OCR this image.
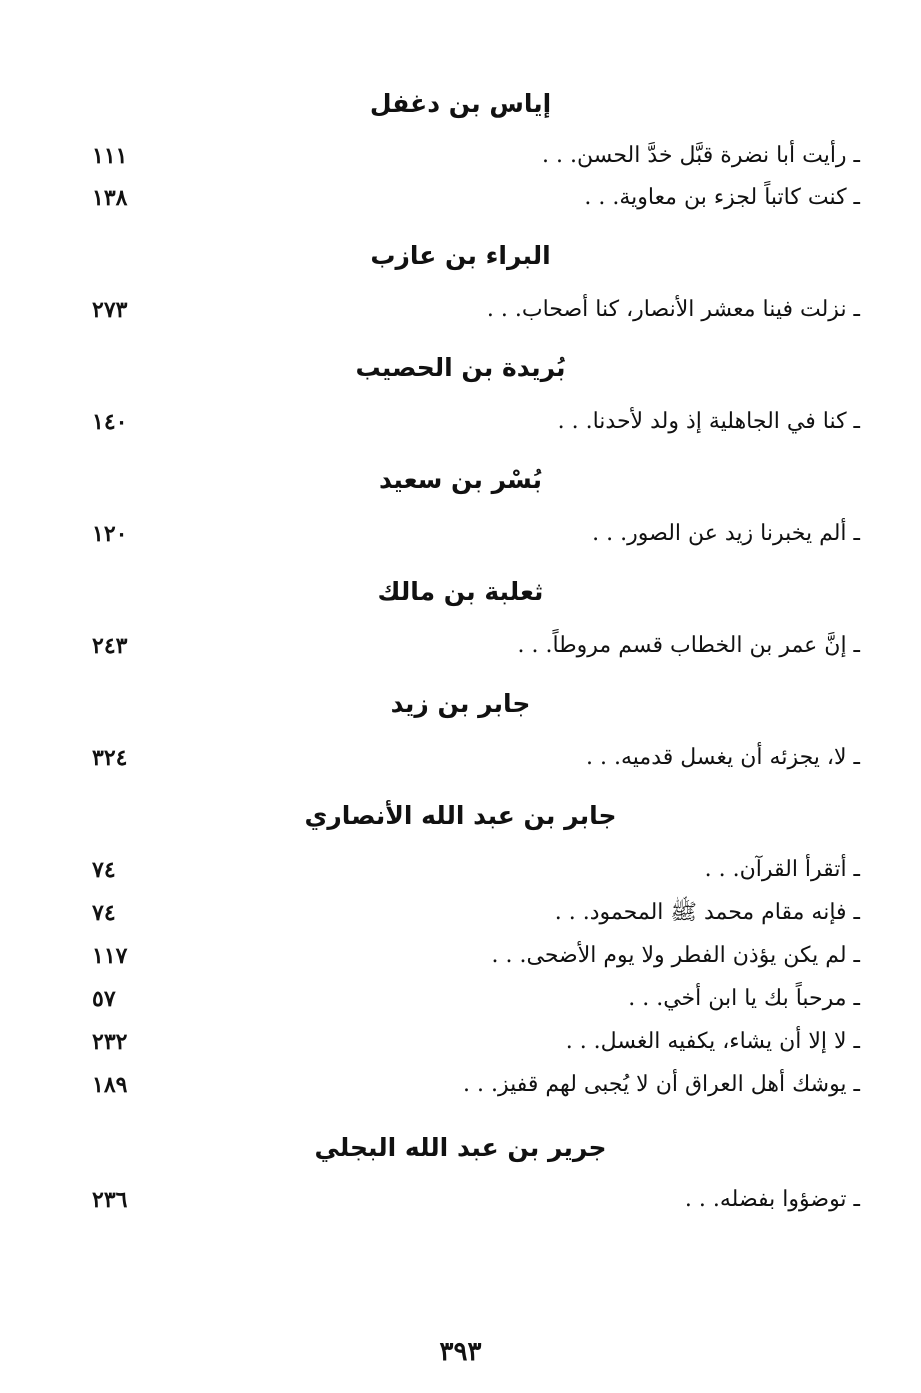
إياس بن دغفل
ـ رأيت أبا نضرة قبَّل خدَّ الحسن. . .
١١١
ـ كنت كاتباً لجزء بن معاوية. . .
١٣٨
البراء بن عازب
ـ نزلت فينا معشر الأنصار، كنا أصحاب. . .
٢٧٣
بُريدة بن الحصيب
ـ كنا في الجاهلية إذ ولد لأحدنا. . .
١٤٠
بُسْر بن سعيد
ـ ألم يخبرنا زيد عن الصور. . .
١٢٠
ثعلبة بن مالك
ـ إنَّ عمر بن الخطاب قسم مروطاً. . .
٢٤٣
جابر بن زيد
ـ لا، يجزئه أن يغسل قدميه. . .
٣٢٤
جابر بن عبد الله الأنصاري
ـ أتقرأ القرآن. . .
٧٤
ـ فإنه مقام محمد ﷺ المحمود. . .
٧٤
ـ لم يكن يؤذن الفطر ولا يوم الأضحى. . .
١١٧
ـ مرحباً بك يا ابن أخي. . .
٥٧
ـ لا إلا أن يشاء، يكفيه الغسل. . .
٢٣٢
ـ يوشك أهل العراق أن لا يُجبى لهم قفيز. . .
١٨٩
جرير بن عبد الله البجلي
ـ توضؤوا بفضله. . .
٢٣٦
٣٩٣
